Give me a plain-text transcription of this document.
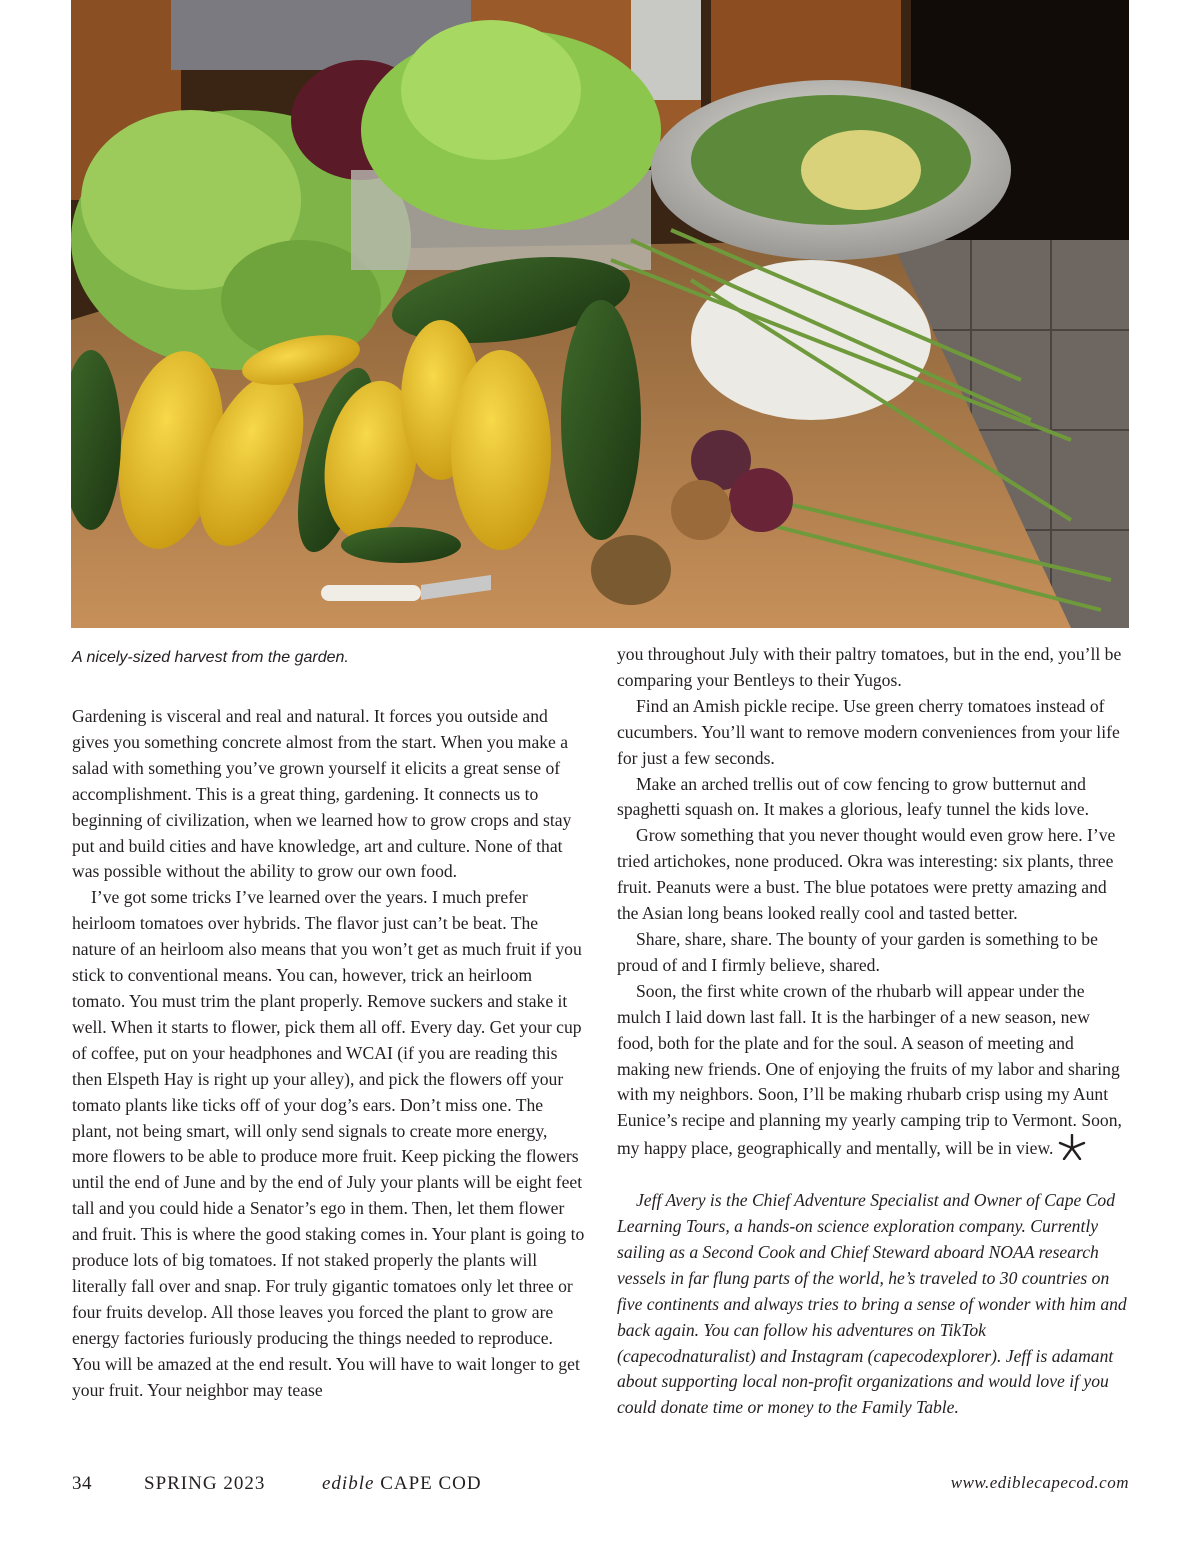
A nicely-sized harvest from the garden.

Gardening is visceral and real and natural. It forces you outside and gives you something concrete almost from the start. When you make a salad with something you’ve grown yourself it elicits a great sense of accomplishment. This is a great thing, gardening. It connects us to beginning of civilization, when we learned how to grow crops and stay put and build cities and have knowledge, art and culture. None of that was possible without the ability to grow our own food.

I’ve got some tricks I’ve learned over the years. I much prefer heirloom tomatoes over hybrids. The flavor just can’t be beat. The nature of an heirloom also means that you won’t get as much fruit if you stick to conventional means. You can, however, trick an heirloom tomato. You must trim the plant properly. Remove suckers and stake it well. When it starts to flower, pick them all off. Every day. Get your cup of coffee, put on your headphones and WCAI (if you are reading this then Elspeth Hay is right up your alley), and pick the flowers off your tomato plants like ticks off of your dog’s ears. Don’t miss one. The plant, not being smart, will only send signals to create more energy, more flowers to be able to produce more fruit. Keep picking the flowers until the end of June and by the end of July your plants will be eight feet tall and you could hide a Senator’s ego in them. Then, let them flower and fruit. This is where the good staking comes in. Your plant is going to produce lots of big tomatoes. If not staked properly the plants will literally fall over and snap. For truly gigantic tomatoes only let three or four fruits develop. All those leaves you forced the plant to grow are energy factories furiously producing the things needed to reproduce. You will be amazed at the end result. You will have to wait longer to get your fruit. Your neighbor may tease

you throughout July with their paltry tomatoes, but in the end, you’ll be comparing your Bentleys to their Yugos.

Find an Amish pickle recipe. Use green cherry tomatoes instead of cucumbers. You’ll want to remove modern conveniences from your life for just a few seconds.

Make an arched trellis out of cow fencing to grow butternut and spaghetti squash on. It makes a glorious, leafy tunnel the kids love.

Grow something that you never thought would even grow here. I’ve tried artichokes, none produced. Okra was interesting: six plants, three fruit. Peanuts were a bust. The blue potatoes were pretty amazing and the Asian long beans looked really cool and tasted better.

Share, share, share. The bounty of your garden is something to be proud of and I firmly believe, shared.

Soon, the first white crown of the rhubarb will appear under the mulch I laid down last fall. It is the harbinger of a new season, new food, both for the plate and for the soul. A season of meeting and making new friends. One of enjoying the fruits of my labor and sharing with my neighbors. Soon, I’ll be making rhubarb crisp using my Aunt Eunice’s recipe and planning my yearly camping trip to Vermont. Soon, my happy place, geographically and mentally, will be in view.

Jeff Avery is the Chief Adventure Specialist and Owner of Cape Cod Learning Tours, a hands-on science exploration company. Currently sailing as a Second Cook and Chief Steward aboard NOAA research vessels in far flung parts of the world, he’s traveled to 30 countries on five continents and always tries to bring a sense of wonder with him and back again. You can follow his adventures on TikTok (capecodnaturalist) and Instagram (capecodexplorer). Jeff is adamant about supporting local non-profit organizations and would love if you could donate time or money to the Family Table.

34	SPRING 2023	edible CAPE COD	www.ediblecapecod.com
